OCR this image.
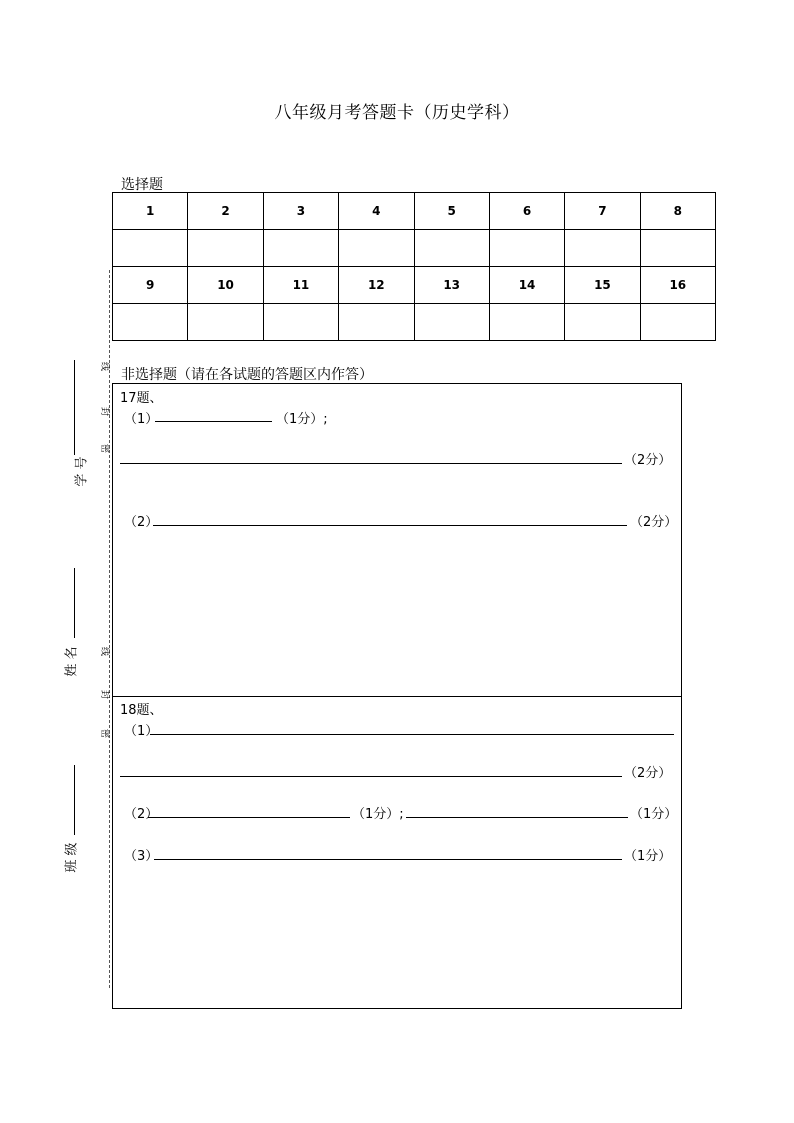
八年级月考答题卡（历史学科）
选择题
1	2	3	4	5	6	7	8

9	10	11	12	13	14	15	16

非选择题（请在各试题的答题区内作答）
17题、
（1）	（1分）;
（2分）
（2）	（2分）
18题、
（1）
（2分）
（2）	（1分）;	（1分）
（3）	（1分）
学 号
姓 名
班 级
线
封
密
线
封
密
